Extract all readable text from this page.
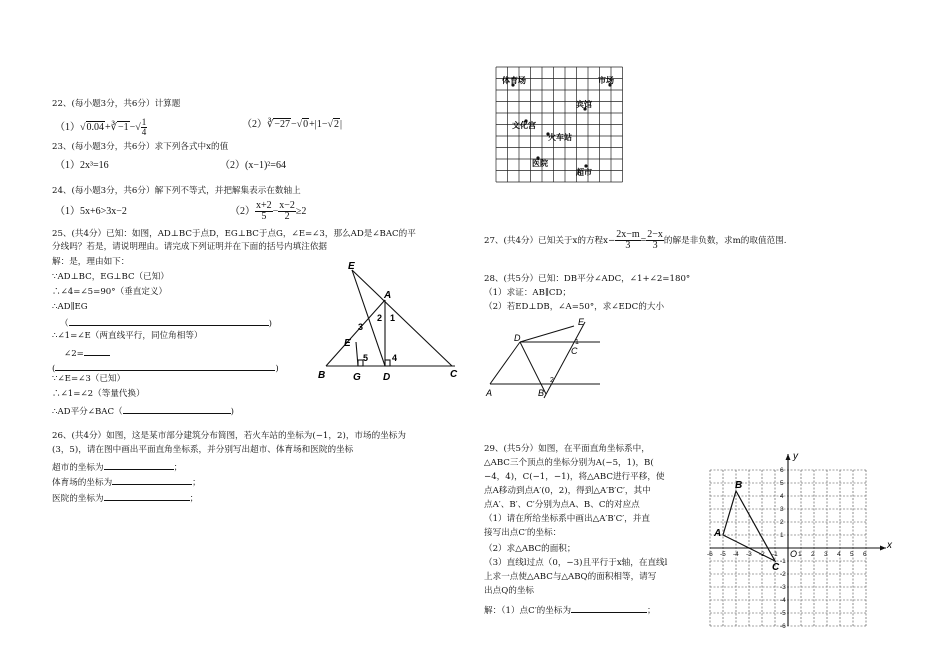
22、(每小题3分，共6分）计算题
（1）√0.04+∛−1−√ $\frac{1}{4}$	（2）∛−27−√0+|1−√2|
23、(每小题3分，共6分）求下列各式中x的值
（1）2x³=16	（2）(x−1)²=64
24、(每小题3分，共6分）解下列不等式，并把解集表示在数轴上
（1）5x+6>3x−2	$(2) \frac{x+2}{5} - \frac{x-2}{2} \ge 2$
25、(共4分）已知：如图，AD⊥BC于点D，EG⊥BC于点G，∠E=∠3，那么AD是∠BAC的平
分线吗？若是，请说明理由。请完成下列证明并在下面的括号内填注依据
解：是，理由如下：
∵AD⊥BC，EG⊥BC（已知）
∴∠4=∠5=90°（垂直定义）
∴AD∥EG
（	)
∴∠1=∠E（两直线平行，同位角相等）
∠2=
(	)
∵∠E=∠3（已知）
∴∠1=∠2（等量代换）
∴AD平分∠BAC（	)
E
A
3
2 1
E
5	4
B	G D	C
26、(共4分）如图，这是某市部分建筑分布简图，若火车站的坐标为(−1，2)，市场的坐标为
(3，5)，请在图中画出平面直角坐标系，并分别写出超市、体育场和医院的坐标
超市的坐标为	；
体育场的坐标为	；
医院的坐标为	；
体育场	市场
宾馆
文化宫
火车站
医院
超市
27、(共4分）已知关于x的方程$x- \frac{2x-m}{3} = \frac{2-x}{3}$ 的解是非负数，求m的取值范围.
28、(共5分）已知：DB平分∠ADC，∠1+∠2=180°
（1）求证：AB∥CD；
（2）若ED⊥DB，∠A=50°，求∠EDC的大小
E
D
C
1
2
A	B
29、(共5分）如图，在平面直角坐标系中，
△ABC三个顶点的坐标分别为A(−5，1)，B(
−4，4)，C(−1，−1)，将△ABC进行平移，使
点A移动到点A′(0，2)，得到△A′B′C′，其中
点A′、B′、C′分别为点A、B、C的对应点
（1）请在所给坐标系中画出△A′B′C′，并直
接写出点C′的坐标：
（2）求△ABC的面积；
（3）直线l过点（0，−3)且平行于x轴，在直线l
上求一点使△ABC与△ABQ的面积相等，请写
出点Q的坐标
解：（1）点C′的坐标为	；
x
y
O
-6 -5 -4 -3 -2 -1	1 2 3 4 5 6
6
5
4
3
2
1
-1
-2
-3
-4
-5
-6
A
B
C
